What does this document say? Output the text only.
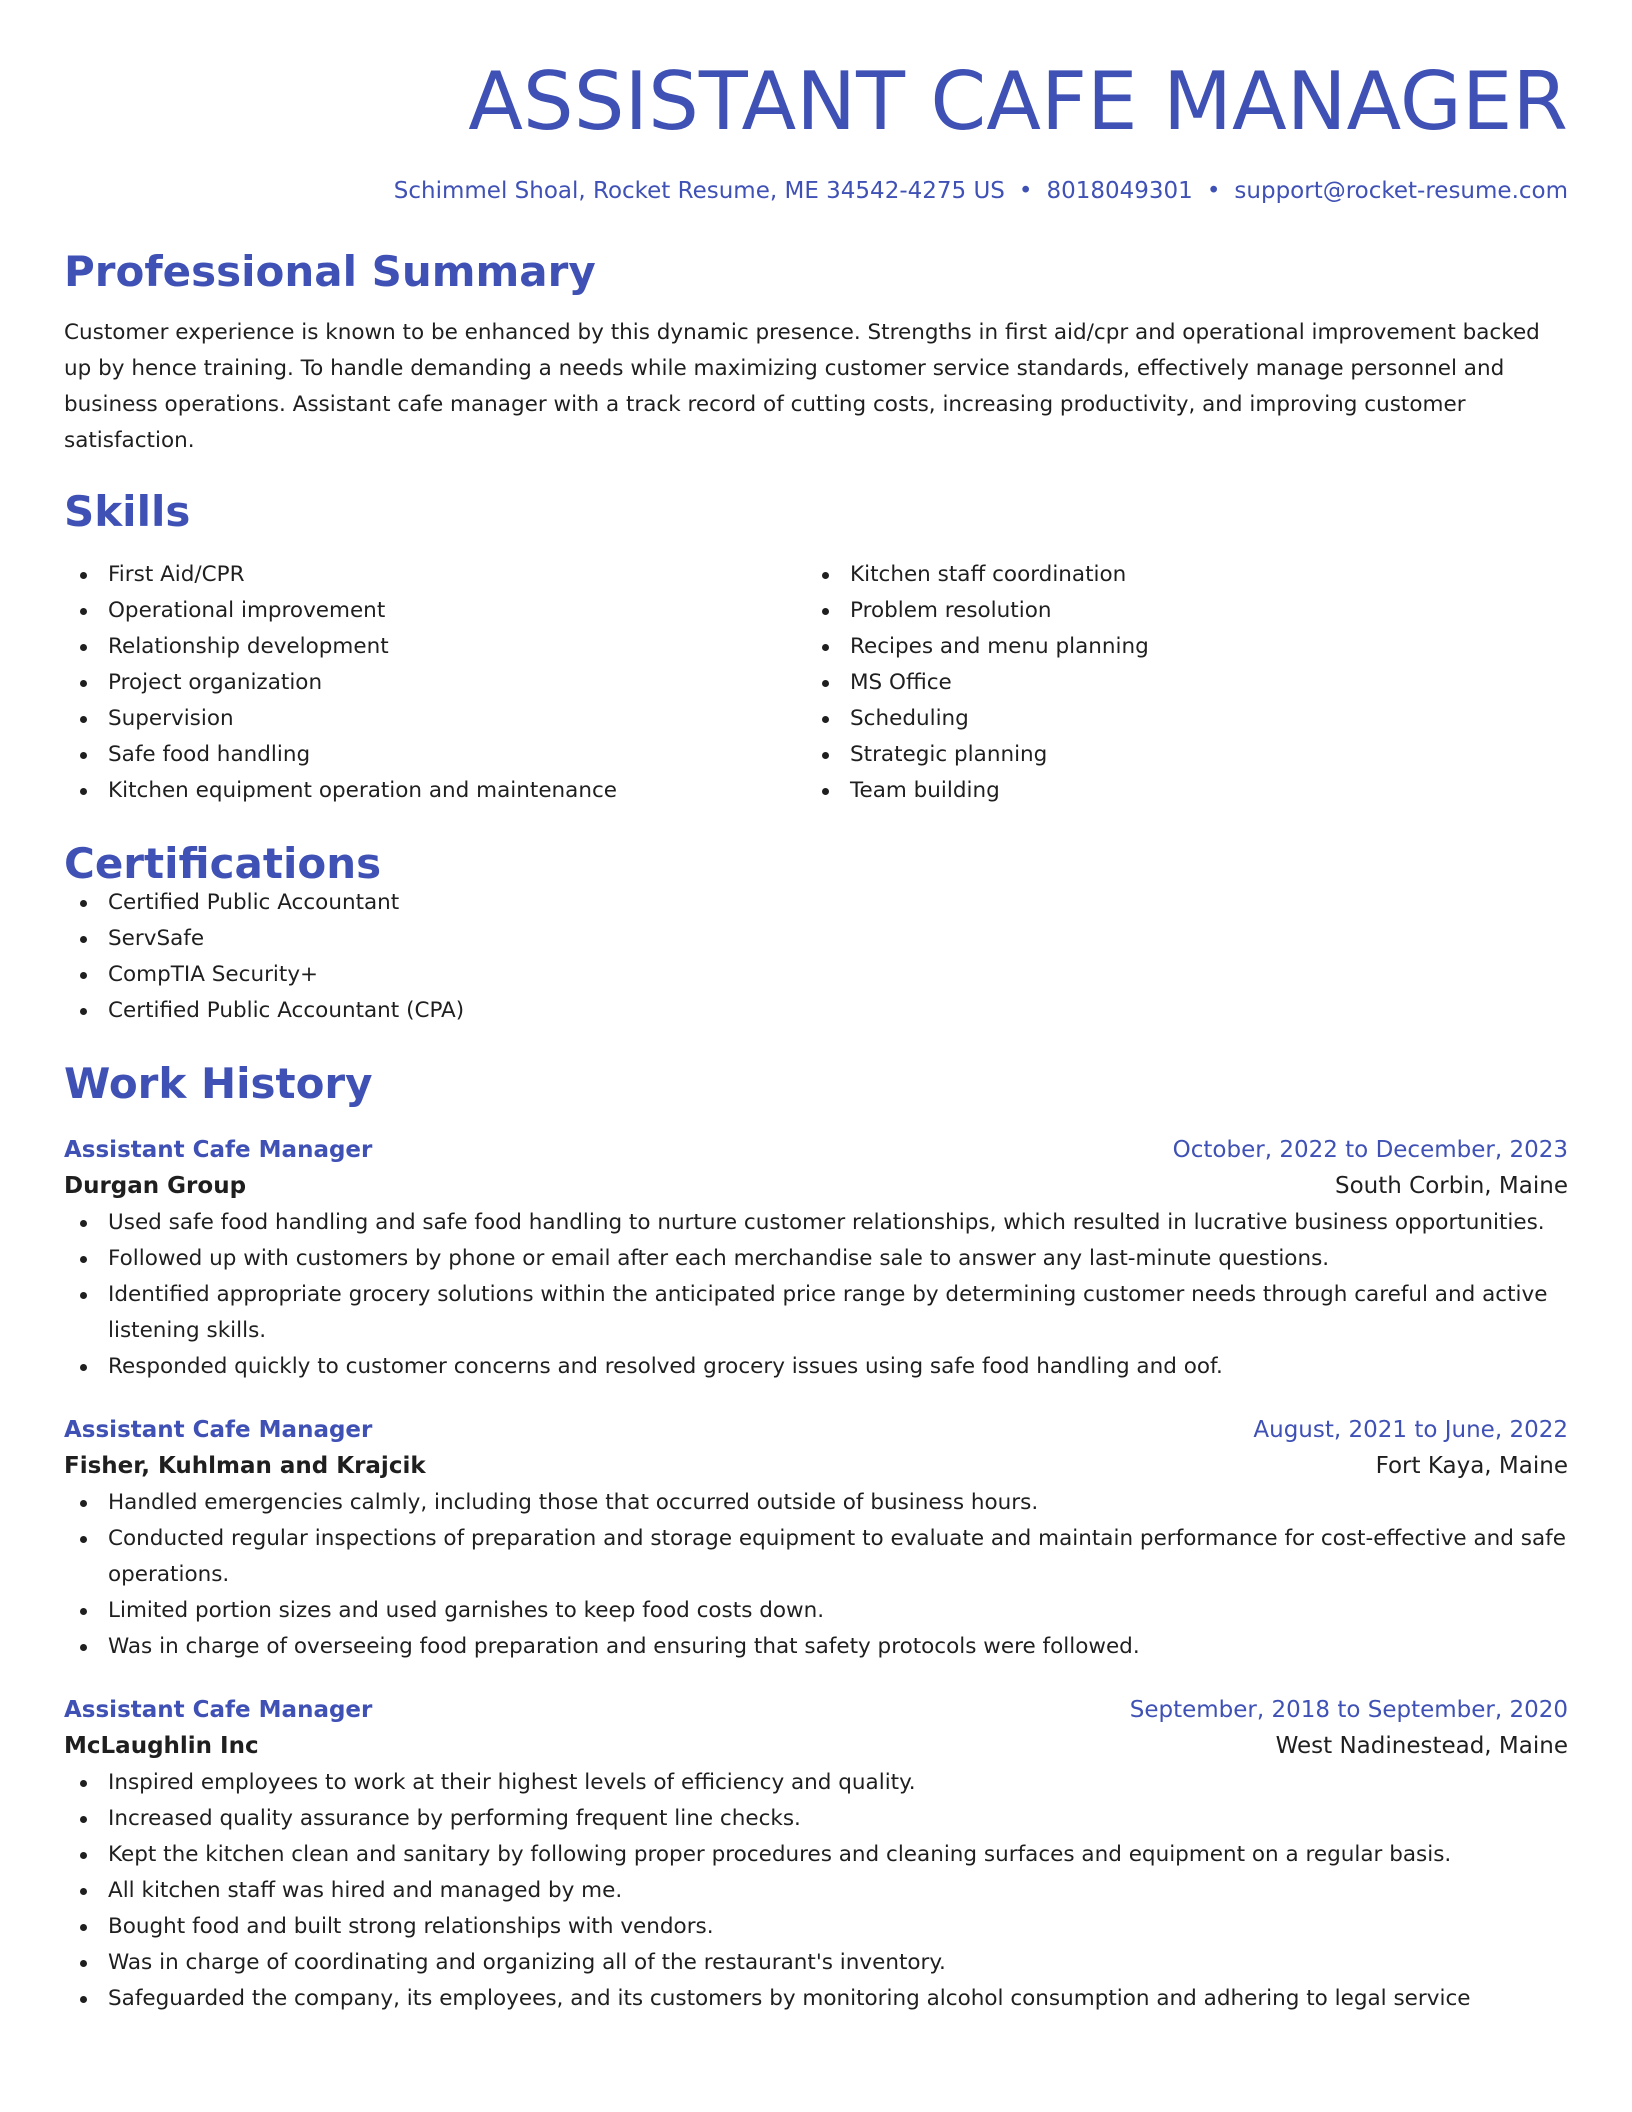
ASSISTANT CAFE MANAGER
Schimmel Shoal, Rocket Resume, ME 34542-4275 US • 8018049301 • support@rocket-resume.com
Professional Summary
Customer experience is known to be enhanced by this dynamic presence. Strengths in first aid/cpr and operational improvement backed up by hence training. To handle demanding a needs while maximizing customer service standards, effectively manage personnel and business operations. Assistant cafe manager with a track record of cutting costs, increasing productivity, and improving customer satisfaction.
Skills
First Aid/CPR
Operational improvement
Relationship development
Project organization
Supervision
Safe food handling
Kitchen equipment operation and maintenance
Kitchen staff coordination
Problem resolution
Recipes and menu planning
MS Office
Scheduling
Strategic planning
Team building
Certifications
Certified Public Accountant
ServSafe
CompTIA Security+
Certified Public Accountant (CPA)
Work History
Assistant Cafe Manager	October, 2022 to December, 2023
Durgan Group	South Corbin, Maine
Used safe food handling and safe food handling to nurture customer relationships, which resulted in lucrative business opportunities.
Followed up with customers by phone or email after each merchandise sale to answer any last-minute questions.
Identified appropriate grocery solutions within the anticipated price range by determining customer needs through careful and active listening skills.
Responded quickly to customer concerns and resolved grocery issues using safe food handling and oof.
Assistant Cafe Manager	August, 2021 to June, 2022
Fisher, Kuhlman and Krajcik	Fort Kaya, Maine
Handled emergencies calmly, including those that occurred outside of business hours.
Conducted regular inspections of preparation and storage equipment to evaluate and maintain performance for cost-effective and safe operations.
Limited portion sizes and used garnishes to keep food costs down.
Was in charge of overseeing food preparation and ensuring that safety protocols were followed.
Assistant Cafe Manager	September, 2018 to September, 2020
McLaughlin Inc	West Nadinestead, Maine
Inspired employees to work at their highest levels of efficiency and quality.
Increased quality assurance by performing frequent line checks.
Kept the kitchen clean and sanitary by following proper procedures and cleaning surfaces and equipment on a regular basis.
All kitchen staff was hired and managed by me.
Bought food and built strong relationships with vendors.
Was in charge of coordinating and organizing all of the restaurant's inventory.
Safeguarded the company, its employees, and its customers by monitoring alcohol consumption and adhering to legal service
